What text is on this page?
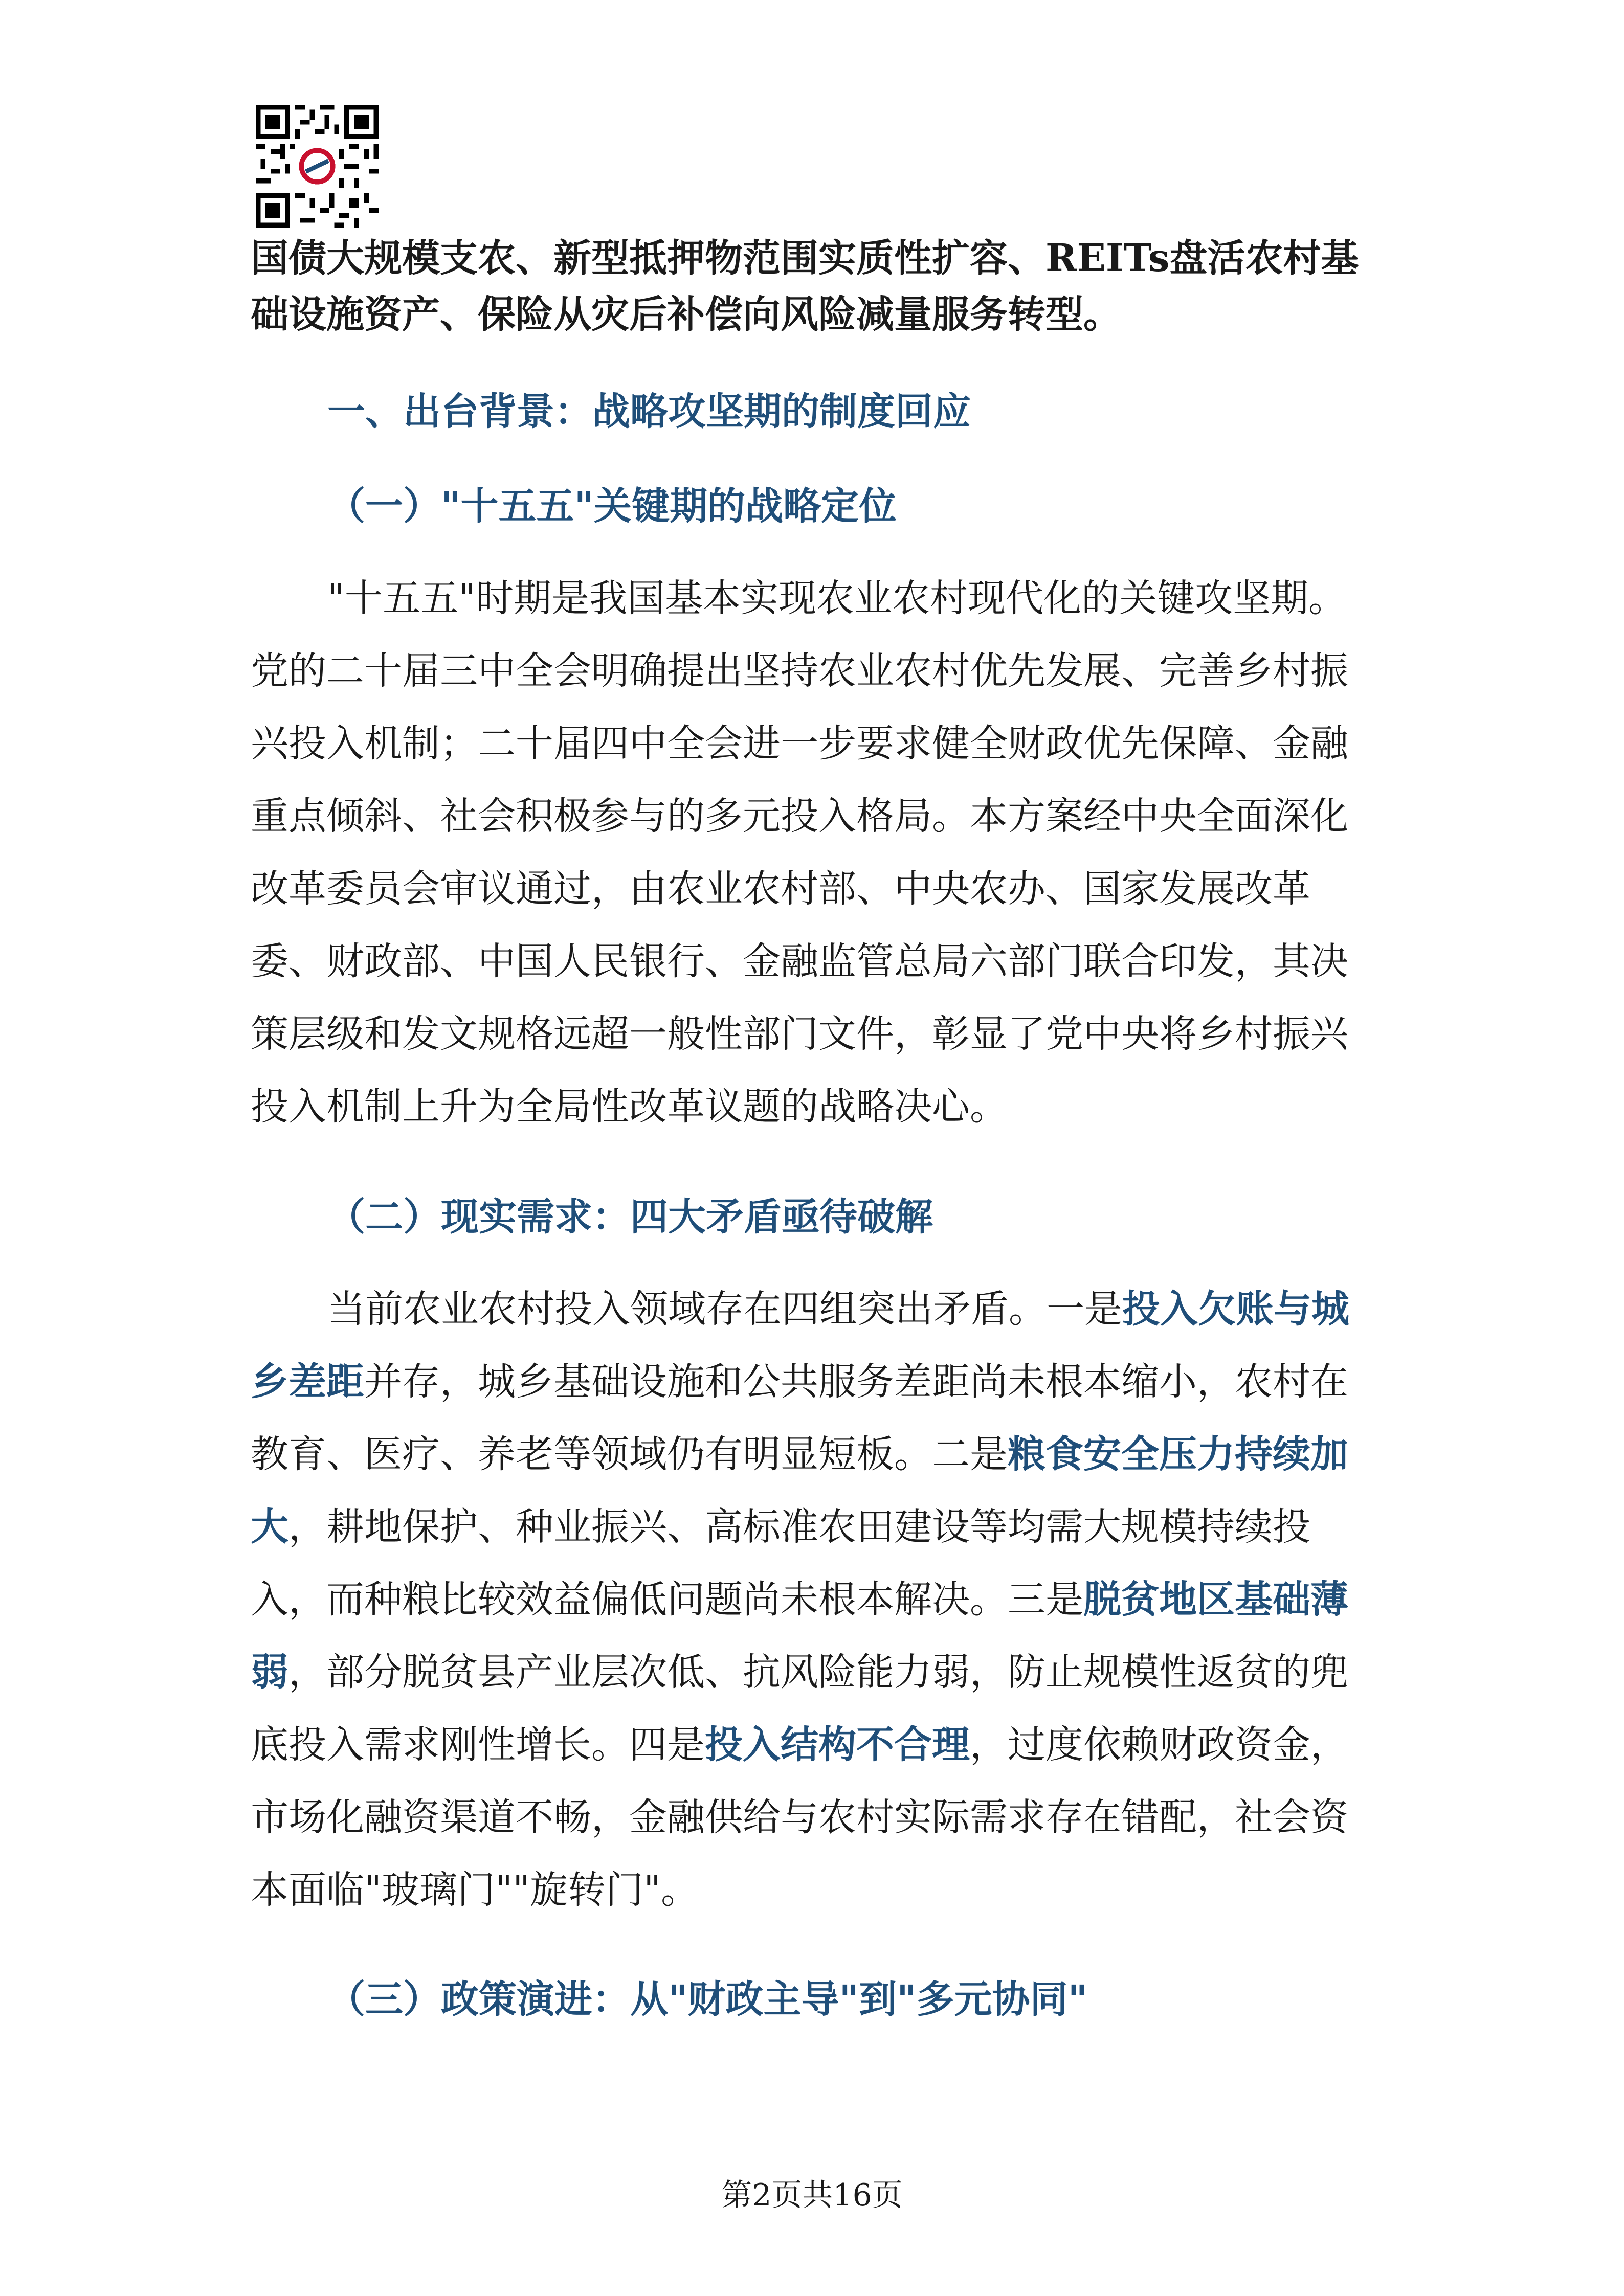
国债大规模支农、新型抵押物范围实质性扩容、REITs盘活农村基
础设施资产、保险从灾后补偿向风险减量服务转型。
一、出台背景：战略攻坚期的制度回应
（一）"十五五"关键期的战略定位
"十五五"时期是我国基本实现农业农村现代化的关键攻坚期。
党的二十届三中全会明确提出坚持农业农村优先发展、完善乡村振
兴投入机制；二十届四中全会进一步要求健全财政优先保障、金融
重点倾斜、社会积极参与的多元投入格局。本方案经中央全面深化
改革委员会审议通过，由农业农村部、中央农办、国家发展改革
委、财政部、中国人民银行、金融监管总局六部门联合印发，其决
策层级和发文规格远超一般性部门文件，彰显了党中央将乡村振兴
投入机制上升为全局性改革议题的战略决心。
（二）现实需求：四大矛盾亟待破解
当前农业农村投入领域存在四组突出矛盾。一是投入欠账与城
乡差距并存，城乡基础设施和公共服务差距尚未根本缩小，农村在
教育、医疗、养老等领域仍有明显短板。二是粮食安全压力持续加
大，耕地保护、种业振兴、高标准农田建设等均需大规模持续投
入，而种粮比较效益偏低问题尚未根本解决。三是脱贫地区基础薄
弱，部分脱贫县产业层次低、抗风险能力弱，防止规模性返贫的兜
底投入需求刚性增长。四是投入结构不合理，过度依赖财政资金，
市场化融资渠道不畅，金融供给与农村实际需求存在错配，社会资
本面临"玻璃门""旋转门"。
（三）政策演进：从"财政主导"到"多元协同"
第2页共16页
